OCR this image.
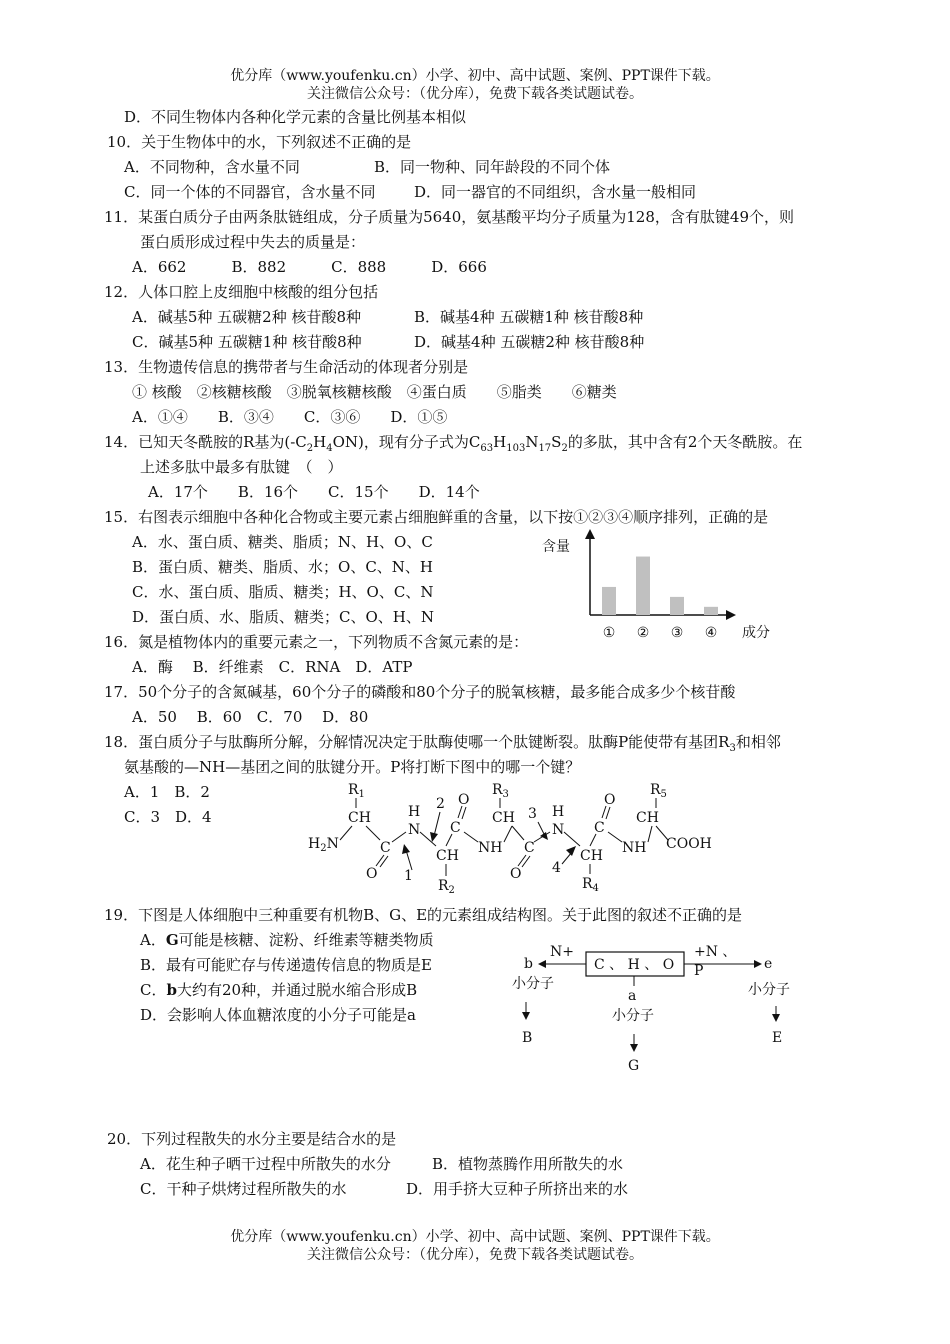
优分库（www.youfenku.cn）小学、初中、高中试题、案例、PPT课件下载。
关注微信公众号：（优分库），免费下载各类试题试卷。
D．不同生物体内各种化学元素的含量比例基本相似
10．关于生物体中的水，下列叙述不正确的是
A．不同物种，含水量不同	B．同一物种、同年龄段的不同个体
C．同一个体的不同器官，含水量不同	D．同一器官的不同组织，含水量一般相同
11．某蛋白质分子由两条肽链组成，分子质量为5640，氨基酸平均分子质量为128，含有肽键49个，则
蛋白质形成过程中失去的质量是：
A．662　　　B．882　　　C．888　　　D．666
12．人体口腔上皮细胞中核酸的组分包括
A．碱基5种 五碳糖2种 核苷酸8种	B．碱基4种 五碳糖1种 核苷酸8种
C．碱基5种 五碳糖1种 核苷酸8种	D．碱基4种 五碳糖2种 核苷酸8种
13．生物遗传信息的携带者与生命活动的体现者分别是
① 核酸　②核糖核酸　③脱氧核糖核酸　④蛋白质　　⑤脂类　　⑥糖类
A．①④　　B．③④　　C．③⑥　　D．①⑤
14．已知天冬酰胺的R基为$(-C_2H_4ON)$，现有分子式为$C_{63}H_{103}N_{17}S_2$的多肽，其中含有2个天冬酰胺。在
上述多肽中最多有肽键　（　）
A．17个　　B．16个　　C．15个　　D．14个
15．右图表示细胞中各种化合物或主要元素占细胞鲜重的含量，以下按①②③④顺序排列，正确的是
A．水、蛋白质、糖类、脂质；N、H、O、C
B．蛋白质、糖类、脂质、水；O、C、N、H
C．水、蛋白质、脂质、糖类；H、O、C、N
D．蛋白质、水、脂质、糖类；C、O、H、N
含量
成分
① ② ③ ④
16．氮是植物体内的重要元素之一，下列物质不含氮元素的是：
A．酶　 B．纤维素　C．RNA　D．ATP
17．50个分子的含氮碱基，60个分子的磷酸和80个分子的脱氧核糖，最多能合成多少个核苷酸
A．50　 B．60　C．70　 D．80
18．蛋白质分子与肽酶所分解，分解情况决定于肽酶使哪一个肽键断裂。肽酶P能使带有基团$R_3$和相邻
氨基酸的—NH—基团之间的肽键分开。P将打断下图中的哪一个键？
A．1　B．2
C．3　D．4
$R_1$
CH
$H_2N$	C
O
H
N
1
2
CH
$R_2$
C
O
NH
$R_3$
CH
C
O
3 H
N
4
CH
$R_4$
C
O
NH
$R_5$
CH
COOH
19．下图是人体细胞中三种重要有机物B、G、E的元素组成结构图。关于此图的叙述不正确的是
A．G可能是核糖、淀粉、纤维素等糖类物质
B．最有可能贮存与传递遗传信息的物质是E
C．b大约有20种，并通过脱水缩合形成B
D．会影响人体血糖浓度的小分子可能是a
C 、 H 、 O
N+
b
小分子
B
+N 、
P	e
小分子
E
a
小分子
G
20．下列过程散失的水分主要是结合水的是
A．花生种子晒干过程中所散失的水分	B．植物蒸腾作用所散失的水
C．干种子烘烤过程所散失的水	D．用手挤大豆种子所挤出来的水
优分库（www.youfenku.cn）小学、初中、高中试题、案例、PPT课件下载。
关注微信公众号：（优分库），免费下载各类试题试卷。
